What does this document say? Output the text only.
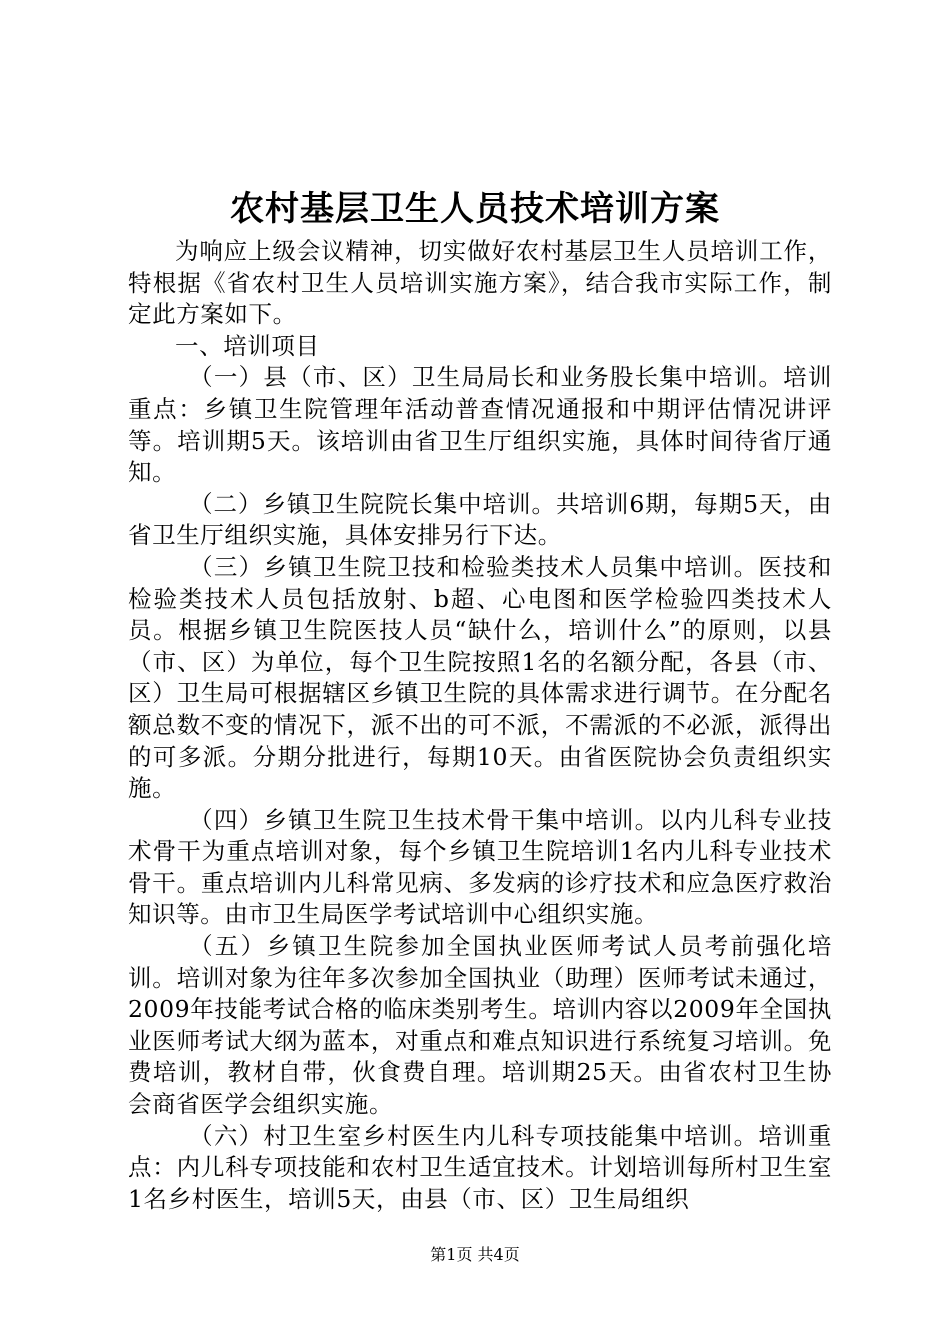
农村基层卫生人员技术培训方案

为响应上级会议精神，切实做好农村基层卫生人员培训工作，特根据《省农村卫生人员培训实施方案》，结合我市实际工作，制定此方案如下。

一、培训项目

（一）县（市、区）卫生局局长和业务股长集中培训。培训重点：乡镇卫生院管理年活动普查情况通报和中期评估情况讲评等。培训期5天。该培训由省卫生厅组织实施，具体时间待省厅通知。

（二）乡镇卫生院院长集中培训。共培训6期，每期5天，由省卫生厅组织实施，具体安排另行下达。

（三）乡镇卫生院卫技和检验类技术人员集中培训。医技和检验类技术人员包括放射、b超、心电图和医学检验四类技术人员。根据乡镇卫生院医技人员“缺什么，培训什么”的原则，以县（市、区）为单位，每个卫生院按照1名的名额分配，各县（市、区）卫生局可根据辖区乡镇卫生院的具体需求进行调节。在分配名额总数不变的情况下，派不出的可不派，不需派的不必派，派得出的可多派。分期分批进行，每期10天。由省医院协会负责组织实施。

（四）乡镇卫生院卫生技术骨干集中培训。以内儿科专业技术骨干为重点培训对象，每个乡镇卫生院培训1名内儿科专业技术骨干。重点培训内儿科常见病、多发病的诊疗技术和应急医疗救治知识等。由市卫生局医学考试培训中心组织实施。

（五）乡镇卫生院参加全国执业医师考试人员考前强化培训。培训对象为往年多次参加全国执业（助理）医师考试未通过，2009年技能考试合格的临床类别考生。培训内容以2009年全国执业医师考试大纲为蓝本，对重点和难点知识进行系统复习培训。免费培训，教材自带，伙食费自理。培训期25天。由省农村卫生协会商省医学会组织实施。

（六）村卫生室乡村医生内儿科专项技能集中培训。培训重点：内儿科专项技能和农村卫生适宜技术。计划培训每所村卫生室1名乡村医生，培训5天，由县（市、区）卫生局组织

第1页 共4页
